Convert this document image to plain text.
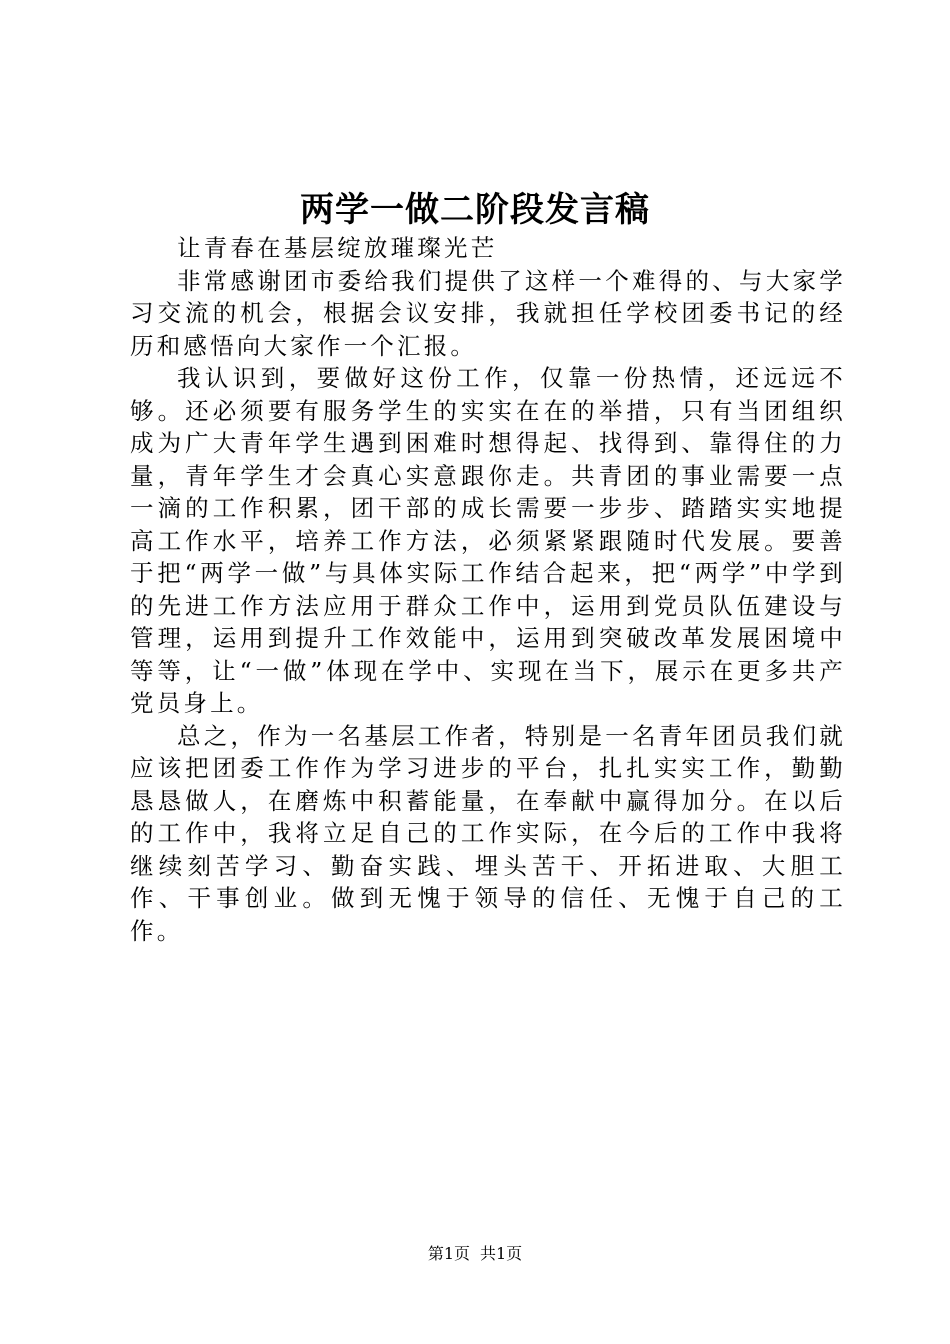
两学一做二阶段发言稿

让青春在基层绽放璀璨光芒

非常感谢团市委给我们提供了这样一个难得的、与大家学习交流的机会，根据会议安排，我就担任学校团委书记的经历和感悟向大家作一个汇报。

我认识到，要做好这份工作，仅靠一份热情，还远远不够。还必须要有服务学生的实实在在的举措，只有当团组织成为广大青年学生遇到困难时想得起、找得到、靠得住的力量，青年学生才会真心实意跟你走。共青团的事业需要一点一滴的工作积累，团干部的成长需要一步步、踏踏实实地提高工作水平，培养工作方法，必须紧紧跟随时代发展。要善于把“两学一做”与具体实际工作结合起来，把“两学”中学到的先进工作方法应用于群众工作中，运用到党员队伍建设与管理，运用到提升工作效能中，运用到突破改革发展困境中等等，让“一做”体现在学中、实现在当下，展示在更多共产党员身上。

总之，作为一名基层工作者，特别是一名青年团员我们就应该把团委工作作为学习进步的平台，扎扎实实工作，勤勤恳恳做人，在磨炼中积蓄能量，在奉献中赢得加分。在以后的工作中，我将立足自己的工作实际，在今后的工作中我将继续刻苦学习、勤奋实践、埋头苦干、开拓进取、大胆工作、干事创业。做到无愧于领导的信任、无愧于自己的工作。

第1页 共1页
